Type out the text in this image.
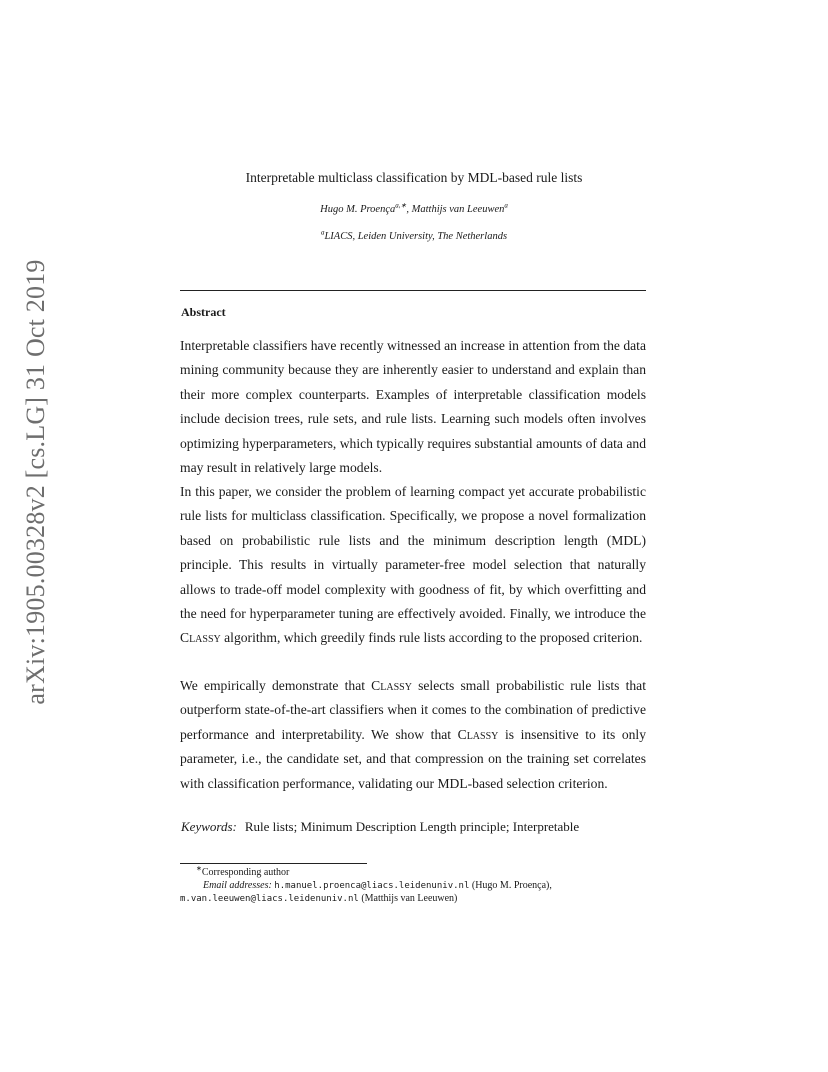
arXiv:1905.00328v2 [cs.LG] 31 Oct 2019
Interpretable multiclass classification by MDL-based rule lists
Hugo M. Proença$^{a,∗}$, Matthijs van Leeuwen$^a$
$^a$LIACS, Leiden University, The Netherlands
Abstract

Interpretable classifiers have recently witnessed an increase in attention from the data mining community because they are inherently easier to understand and explain than their more complex counterparts. Examples of interpretable classification models include decision trees, rule sets, and rule lists. Learning such models often involves optimizing hyperparameters, which typically requires substantial amounts of data and may result in relatively large models.

In this paper, we consider the problem of learning compact yet accurate probabilistic rule lists for multiclass classification. Specifically, we propose a novel formalization based on probabilistic rule lists and the minimum description length (MDL) principle. This results in virtually parameter-free model selection that naturally allows to trade-off model complexity with goodness of fit, by which overfitting and the need for hyperparameter tuning are effectively avoided. Finally, we introduce the Classy algorithm, which greedily finds rule lists according to the proposed criterion.

We empirically demonstrate that Classy selects small probabilistic rule lists that outperform state-of-the-art classifiers when it comes to the combination of predictive performance and interpretability. We show that Classy is insensitive to its only parameter, i.e., the candidate set, and that compression on the training set correlates with classification performance, validating our MDL-based selection criterion.

Keywords: Rule lists; Minimum Description Length principle; Interpretable
∗Corresponding author
Email addresses: h.manuel.proenca@liacs.leidenuniv.nl (Hugo M. Proença),
m.van.leeuwen@liacs.leidenuniv.nl (Matthijs van Leeuwen)
